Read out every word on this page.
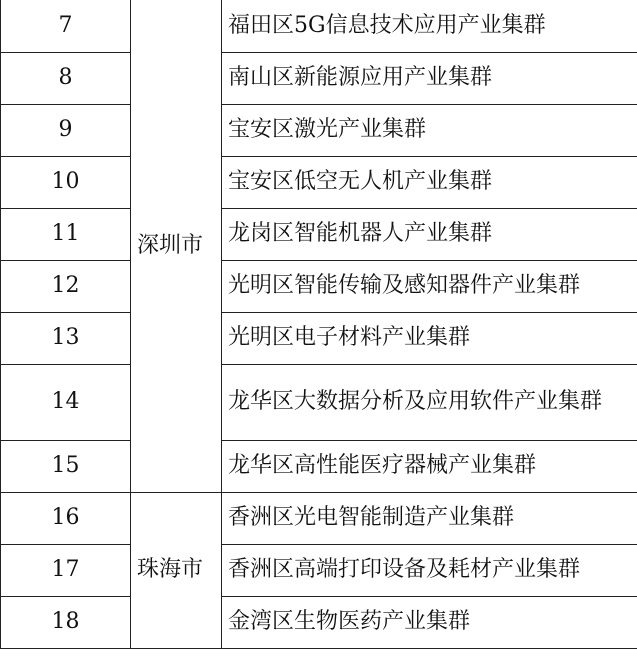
7	深圳市	福田区5G信息技术应用产业集群
8		南山区新能源应用产业集群
9		宝安区激光产业集群
10		宝安区低空无人机产业集群
11		龙岗区智能机器人产业集群
12		光明区智能传输及感知器件产业集群
13		光明区电子材料产业集群
14		龙华区大数据分析及应用软件产业集群
15		龙华区高性能医疗器械产业集群
16	珠海市	香洲区光电智能制造产业集群
17		香洲区高端打印设备及耗材产业集群
18		金湾区生物医药产业集群
